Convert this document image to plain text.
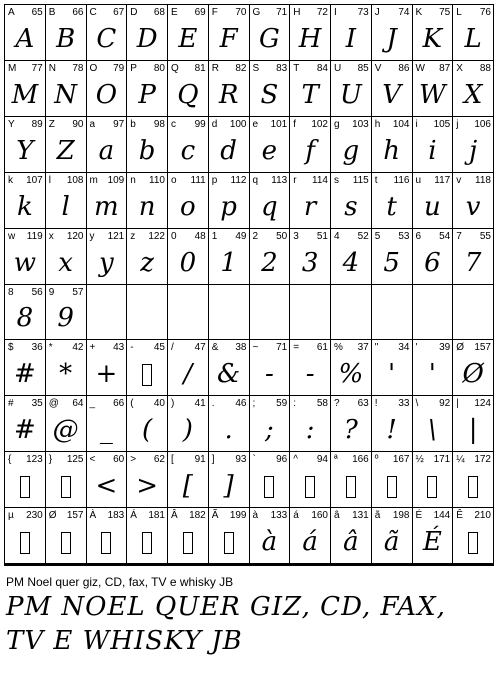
A 65
A
B 66
B
C 67
C
D 68
D
E 69
E
F 70
F
G 71
G
H 72
H
I 73
I
J 74
J
K 75
K
L 76
L
M 77
M
N 78
N
O 79
O
P 80
P
Q 81
Q
R 82
R
S 83
S
T 84
T
U 85
U
V 86
V
W 87
W
X 88
X
Y 89
Y
Z 90
Z
a 97
a
b 98
b
c 99
c
d 100
d
e 101
e
f 102
f
g 103
g
h 104
h
i 105
i
j 106
j
k 107
k
l 108
l
m 109
m
n 110
n
o 111
o
p 112
p
q 113
q
r 114
r
s 115
s
t 116
t
u 117
u
v 118
v
w 119
w
x 120
x
y 121
y
z 122
z
0 48
0
1 49
1
2 50
2
3 51
3
4 52
4
5 53
5
6 54
6
7 55
7
8 56
8
9 57
9
$ 36
#
* 42
*
+ 43
+
- 45 / 47
/
& 38
&
~ 71
-
= 61
-
% 37
%
" 34
'
' 39
'
Ø 157
Ø
# 35
#
@ 64
@
_ 66
_
( 40
(
) 41
)
. 46
.
; 59
;
: 58
:
? 63
?
! 33
!
\ 92
\
| 124
|
{ 123 } 125 < 60
<
> 62
>
[ 91
[
] 93
]
` 96 ^ 94 ª 166 º 167 ½ 171 ¼ 172
µ 230 Ø 157 À 183 Á 181 Â 182 Ã 199 à 133
à
á 160
á
â 131
â
ã 198
ã
É 144
É
Ê 210
PM Noel quer giz, CD, fax, TV e whisky JB
PM NOEL QUER GIZ, CD, FAX, TV E WHISKY JB
